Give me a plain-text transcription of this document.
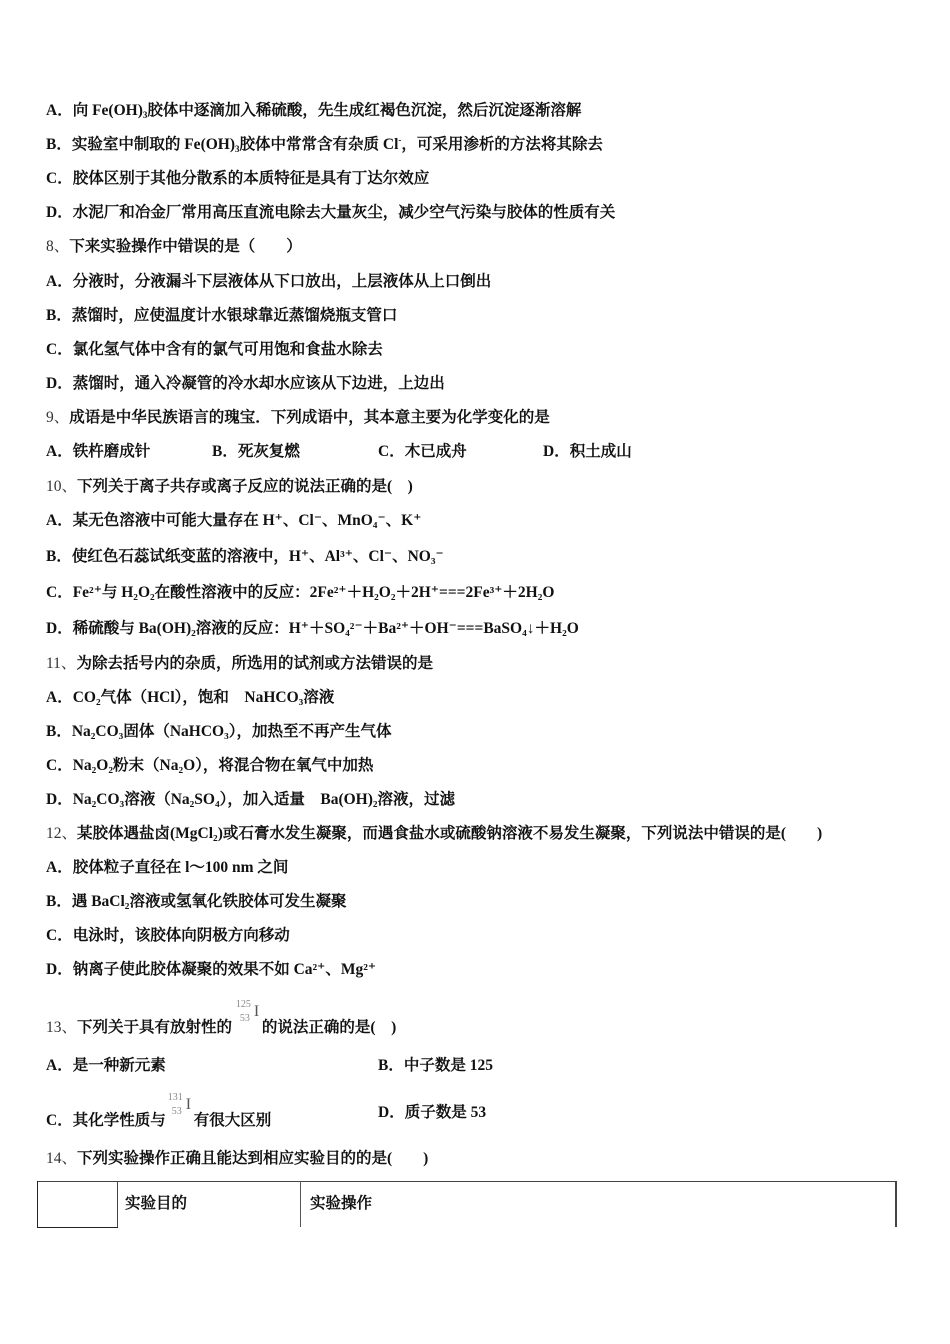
A．向 $Fe(OH)_3$胶体中逐滴加入稀硫酸，先生成红褐色沉淀，然后沉淀逐渐溶解
B．实验室中制取的 $Fe(OH)_3$胶体中常常含有杂质 Cl-，可采用渗析的方法将其除去
C．胶体区别于其他分散系的本质特征是具有丁达尔效应
D．水泥厂和冶金厂常用高压直流电除去大量灰尘，减少空气污染与胶体的性质有关
8、下来实验操作中错误的是（　　）
A．分液时，分液漏斗下层液体从下口放出，上层液体从上口倒出
B．蒸馏时，应使温度计水银球靠近蒸馏烧瓶支管口
C．氯化氢气体中含有的氯气可用饱和食盐水除去
D．蒸馏时，通入冷凝管的冷水却水应该从下边进，上边出
9、成语是中华民族语言的瑰宝．下列成语中，其本意主要为化学变化的是
A．铁杵磨成针	B．死灰复燃	C．木已成舟	D．积土成山
10、下列关于离子共存或离子反应的说法正确的是(　)
A．某无色溶液中可能大量存在 H⁺、Cl⁻、MnO₄⁻、K⁺
B．使红色石蕊试纸变蓝的溶液中，H⁺、Al³⁺、Cl⁻、NO₃⁻
C．Fe²⁺与 H₂O₂在酸性溶液中的反应：2Fe²⁺＋H₂O₂＋2H⁺===2Fe³⁺＋2H₂O
D．稀硫酸与 Ba(OH)₂溶液的反应：H⁺＋SO₄²⁻＋Ba²⁺＋OH⁻===BaSO₄↓＋H₂O
11、为除去括号内的杂质，所选用的试剂或方法错误的是
A．CO₂气体（HCl），饱和　NaHCO₃溶液
B．Na₂CO₃固体（NaHCO₃），加热至不再产生气体
C．Na₂O₂粉末（Na₂O），将混合物在氧气中加热
D．Na₂CO₃溶液（Na₂SO₄），加入适量　Ba(OH)₂溶液，过滤
12、某胶体遇盐卤(MgCl₂)或石膏水发生凝聚，而遇食盐水或硫酸钠溶液不易发生凝聚，下列说法中错误的是(　　)
A．胶体粒子直径在 l～100 nm 之间
B．遇 BaCl₂溶液或氢氧化铁胶体可发生凝聚
C．电泳时，该胶体向阴极方向移动
D．钠离子使此胶体凝聚的效果不如 Ca²⁺、Mg²⁺
13、下列关于具有放射性的
125
53 I
的说法正确的是(　)
A．是一种新元素	B．中子数是 125
C．其化学性质与
131
53 I
有很大区别	D．质子数是 53
14、下列实验操作正确且能达到相应实验目的的是(　　)
实验目的	实验操作
